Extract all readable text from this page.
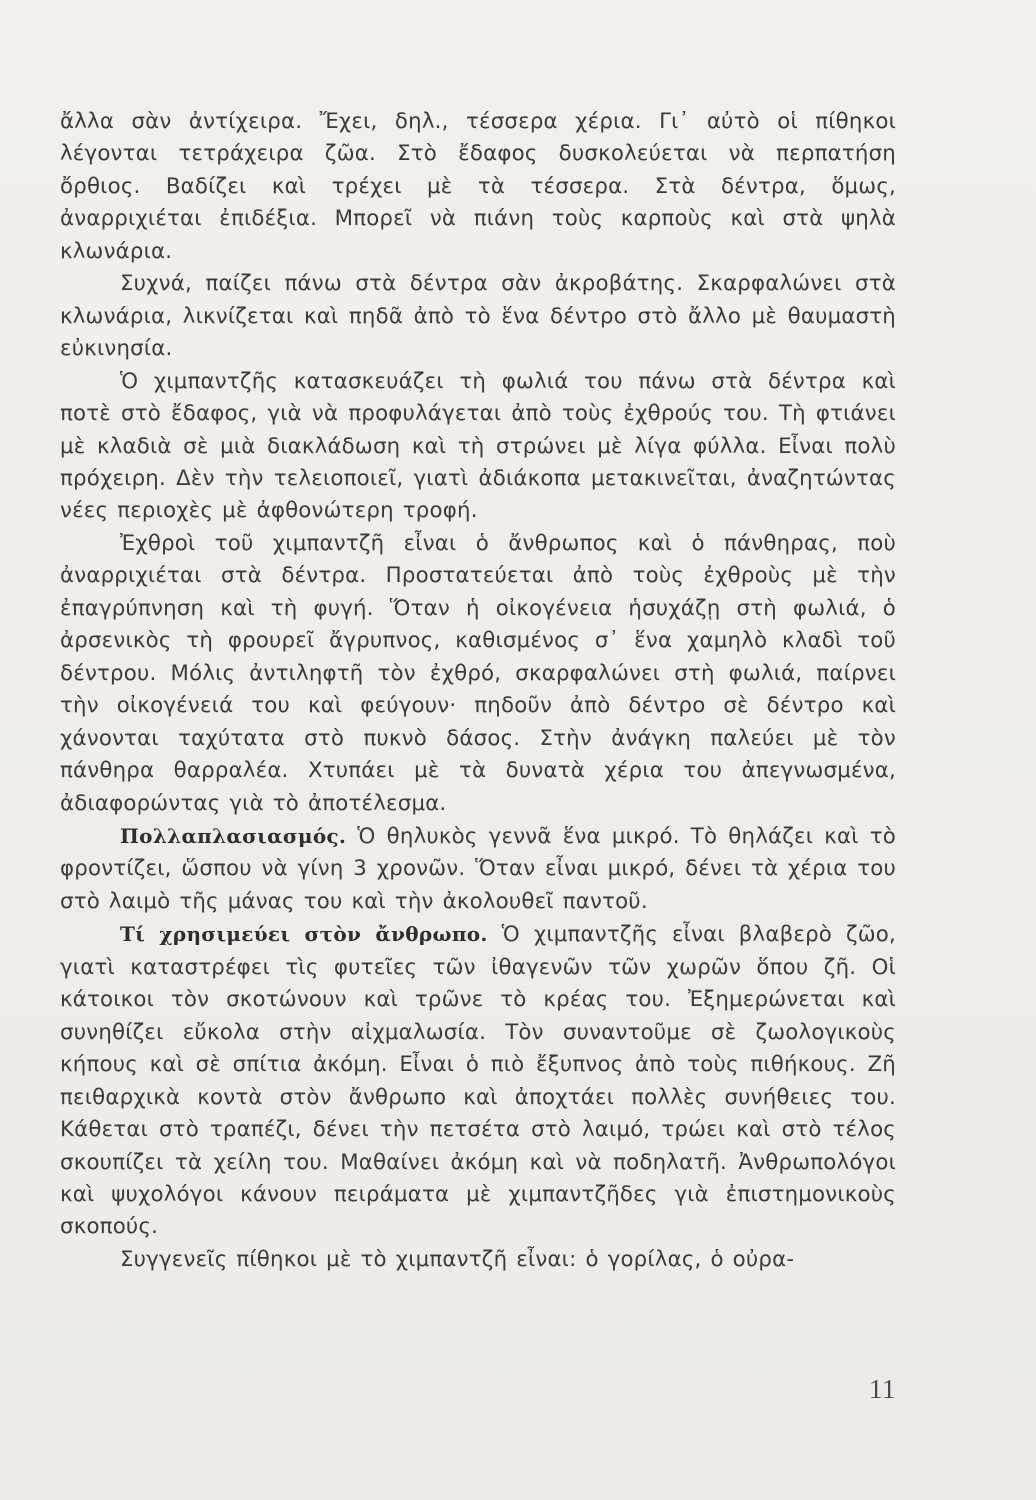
ἄλλα σὰν ἀντίχειρα. Ἔχει, δηλ., τέσσερα χέρια. Γι᾽ αὐτὸ οἱ πίθηκοι λέγονται τετράχειρα ζῶα. Στὸ ἔδαφος δυσκολεύεται νὰ περπατήση ὄρθιος. Βαδίζει καὶ τρέχει μὲ τὰ τέσσερα. Στὰ δέντρα, ὅμως, ἀναρριχιέται ἐπιδέξια. Μπορεῖ νὰ πιάνη τοὺς καρποὺς καὶ στὰ ψηλὰ κλωνάρια.

Συχνά, παίζει πάνω στὰ δέντρα σὰν ἀκροβάτης. Σκαρφαλώνει στὰ κλωνάρια, λικνίζεται καὶ πηδᾶ ἀπὸ τὸ ἕνα δέντρο στὸ ἄλλο μὲ θαυμαστὴ εὐκινησία.

Ὁ χιμπαντζῆς κατασκευάζει τὴ φωλιά του πάνω στὰ δέντρα καὶ ποτὲ στὸ ἔδαφος, γιὰ νὰ προφυλάγεται ἀπὸ τοὺς ἐχθρούς του. Τὴ φτιάνει μὲ κλαδιὰ σὲ μιὰ διακλάδωση καὶ τὴ στρώνει μὲ λίγα φύλλα. Εἶναι πολὺ πρόχειρη. Δὲν τὴν τελειοποιεῖ, γιατὶ ἀδιάκοπα μετακινεῖται, ἀναζητώντας νέες περιοχὲς μὲ ἀφθονώτερη τροφή.

Ἐχθροὶ τοῦ χιμπαντζῆ εἶναι ὁ ἄνθρωπος καὶ ὁ πάνθηρας, ποὺ ἀναρριχιέται στὰ δέντρα. Προστατεύεται ἀπὸ τοὺς ἐχθροὺς μὲ τὴν ἐπαγρύπνηση καὶ τὴ φυγή. Ὅταν ἡ οἰκογένεια ἡσυχάζῃ στὴ φωλιά, ὁ ἀρσενικὸς τὴ φρουρεῖ ἄγρυπνος, καθισμένος σ᾽ ἕνα χαμηλὸ κλαδὶ τοῦ δέντρου. Μόλις ἀντιληφτῆ τὸν ἐχθρό, σκαρφαλώνει στὴ φωλιά, παίρνει τὴν οἰκογένειά του καὶ φεύγουν· πηδοῦν ἀπὸ δέντρο σὲ δέντρο καὶ χάνονται ταχύτατα στὸ πυκνὸ δάσος. Στὴν ἀνάγκη παλεύει μὲ τὸν πάνθηρα θαρραλέα. Χτυπάει μὲ τὰ δυνατὰ χέρια του ἀπεγνωσμένα, ἀδιαφορώντας γιὰ τὸ ἀποτέλεσμα.

Πολλαπλασιασμός. Ὁ θηλυκὸς γεννᾶ ἕνα μικρό. Τὸ θηλάζει καὶ τὸ φροντίζει, ὥσπου νὰ γίνη 3 χρονῶν. Ὅταν εἶναι μικρό, δένει τὰ χέρια του στὸ λαιμὸ τῆς μάνας του καὶ τὴν ἀκολουθεῖ παντοῦ.

Τί χρησιμεύει στὸν ἄνθρωπο. Ὁ χιμπαντζῆς εἶναι βλαβερὸ ζῶο, γιατὶ καταστρέφει τὶς φυτεῖες τῶν ἰθαγενῶν τῶν χωρῶν ὅπου ζῆ. Οἱ κάτοικοι τὸν σκοτώνουν καὶ τρῶνε τὸ κρέας του. Ἐξημερώνεται καὶ συνηθίζει εὔκολα στὴν αἰχμαλωσία. Τὸν συναντοῦμε σὲ ζωολογικοὺς κήπους καὶ σὲ σπίτια ἀκόμη. Εἶναι ὁ πιὸ ἔξυπνος ἀπὸ τοὺς πιθήκους. Ζῆ πειθαρχικὰ κοντὰ στὸν ἄνθρωπο καὶ ἀποχτάει πολλὲς συνήθειες του. Κάθεται στὸ τραπέζι, δένει τὴν πετσέτα στὸ λαιμό, τρώει καὶ στὸ τέλος σκουπίζει τὰ χείλη του. Μαθαίνει ἀκόμη καὶ νὰ ποδηλατῆ. Ἀνθρωπολόγοι καὶ ψυχολόγοι κάνουν πειράματα μὲ χιμπαντζῆδες γιὰ ἐπιστημονικοὺς σκοπούς.

Συγγενεῖς πίθηκοι μὲ τὸ χιμπαντζῆ εἶναι: ὁ γορίλας, ὁ οὐρα-

11
